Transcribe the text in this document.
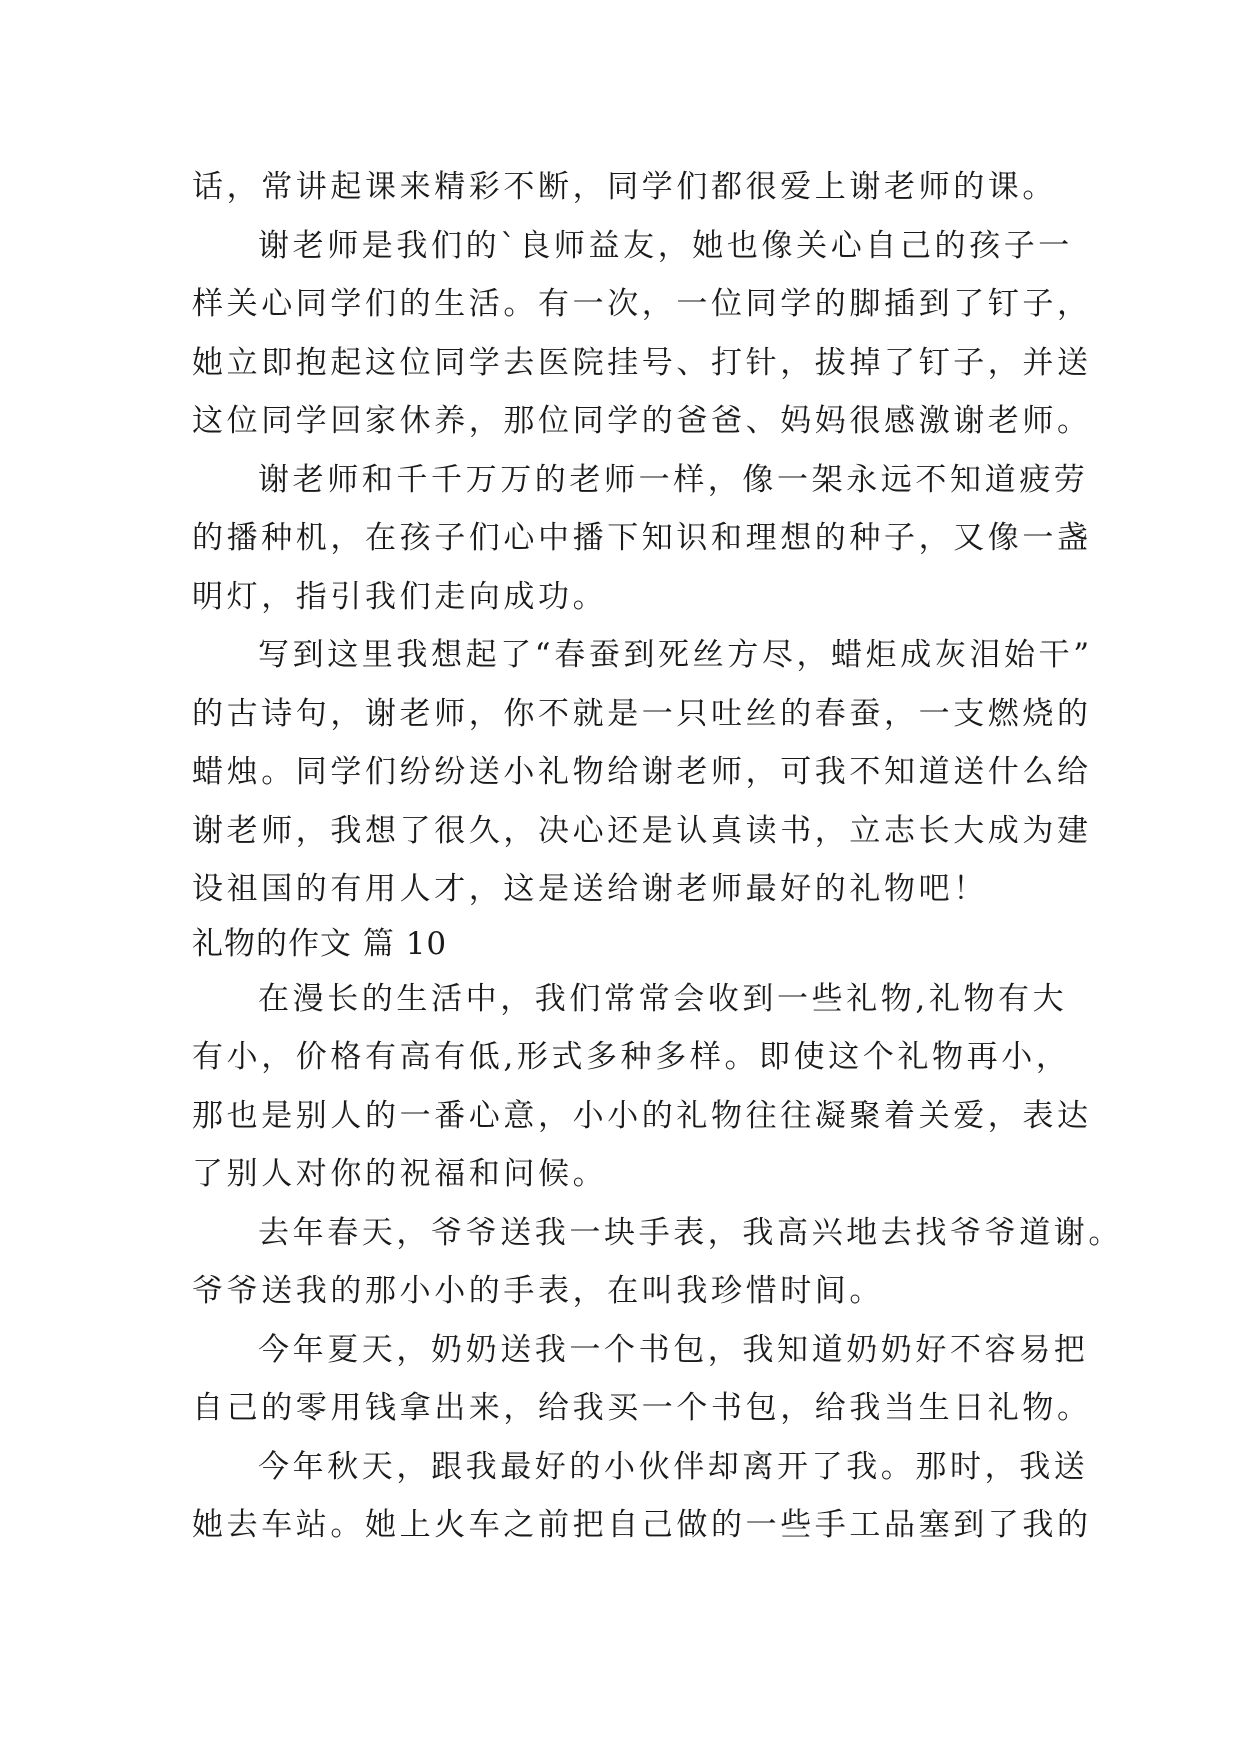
话，常讲起课来精彩不断，同学们都很爱上谢老师的课。
谢老师是我们的`良师益友，她也像关心自己的孩子一
样关心同学们的生活。有一次，一位同学的脚插到了钉子，
她立即抱起这位同学去医院挂号、打针，拔掉了钉子，并送
这位同学回家休养，那位同学的爸爸、妈妈很感激谢老师。
谢老师和千千万万的老师一样，像一架永远不知道疲劳
的播种机，在孩子们心中播下知识和理想的种子，又像一盏
明灯，指引我们走向成功。
写到这里我想起了“春蚕到死丝方尽，蜡炬成灰泪始干”
的古诗句，谢老师，你不就是一只吐丝的春蚕，一支燃烧的
蜡烛。同学们纷纷送小礼物给谢老师，可我不知道送什么给
谢老师，我想了很久，决心还是认真读书，立志长大成为建
设祖国的有用人才，这是送给谢老师最好的礼物吧！
礼物的作文 篇 10
在漫长的生活中，我们常常会收到一些礼物,礼物有大
有小，价格有高有低,形式多种多样。即使这个礼物再小，
那也是别人的一番心意，小小的礼物往往凝聚着关爱，表达
了别人对你的祝福和问候。
去年春天，爷爷送我一块手表，我高兴地去找爷爷道谢。
爷爷送我的那小小的手表，在叫我珍惜时间。
今年夏天，奶奶送我一个书包，我知道奶奶好不容易把
自己的零用钱拿出来，给我买一个书包，给我当生日礼物。
今年秋天，跟我最好的小伙伴却离开了我。那时，我送
她去车站。她上火车之前把自己做的一些手工品塞到了我的
